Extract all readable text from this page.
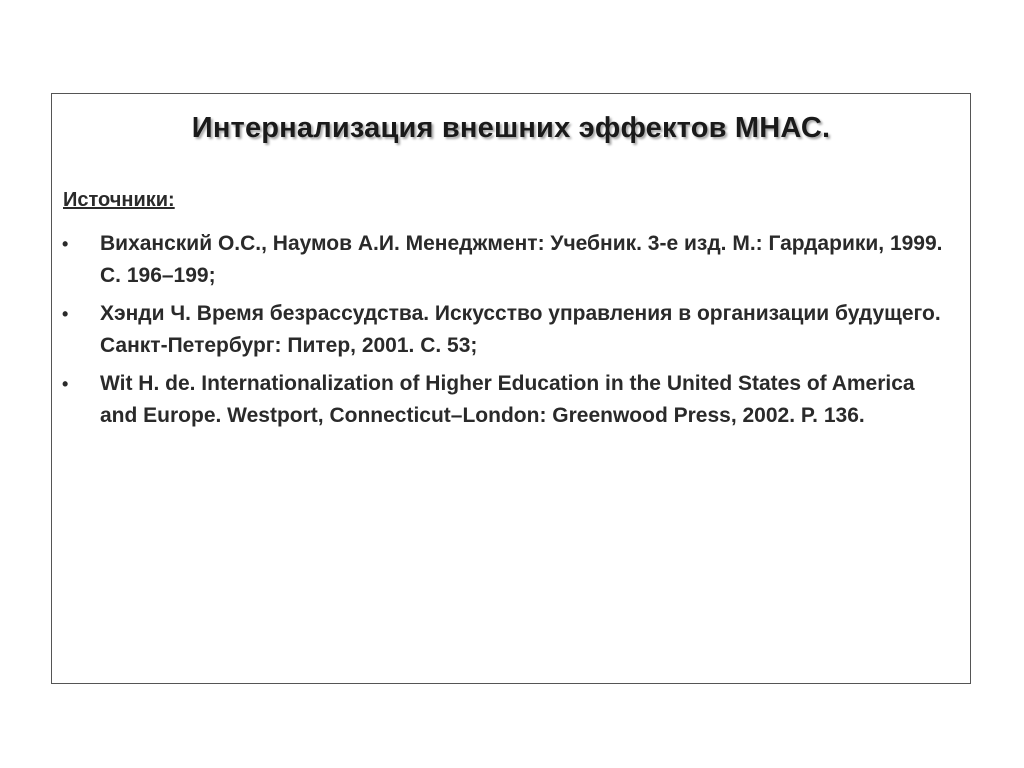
Интернализация внешних эффектов МНАС.
Источники:
•	Виханский О.С., Наумов А.И. Менеджмент: Учебник. 3-е изд. М.: Гардарики, 1999. С. 196–199;
•	Хэнди Ч. Время безрассудства. Искусство управления в организации будущего. Санкт-Петербург: Питер, 2001. С. 53;
•	Wit H. de. Internationalization of Higher Education in the United States of America and Europe. Westport, Connecticut–London: Greenwood Press, 2002. P. 136.
